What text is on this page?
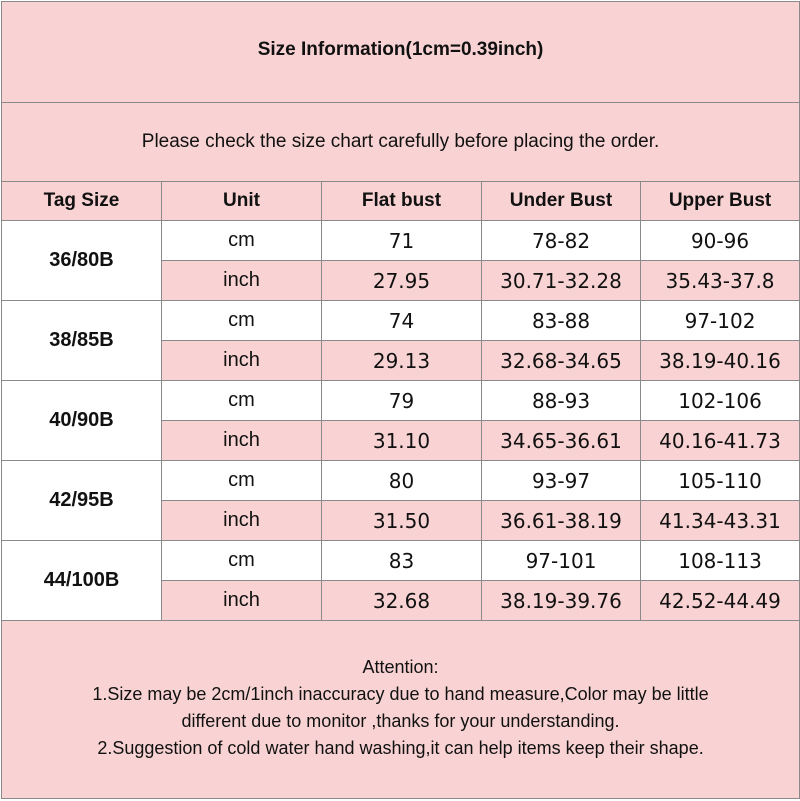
Size Information(1cm=0.39inch)				

Please check the size chart carefully before placing the order.				
Tag Size	Unit	Flat bust	Under Bust	Upper Bust
36/80B	cm	71	78-82	90-96
	inch	27.95	30.71-32.28	35.43-37.8
38/85B	cm	74	83-88	97-102
	inch	29.13	32.68-34.65	38.19-40.16
40/90B	cm	79	88-93	102-106
	inch	31.10	34.65-36.61	40.16-41.73
42/95B	cm	80	93-97	105-110
	inch	31.50	36.61-38.19	41.34-43.31
44/100B	cm	83	97-101	108-113
	inch	32.68	38.19-39.76	42.52-44.49

Attention:
1.Size may be 2cm/1inch inaccuracy due to hand measure,Color may be little
different due to monitor ,thanks for your understanding.
2.Suggestion of cold water hand washing,it can help items keep their shape.				
